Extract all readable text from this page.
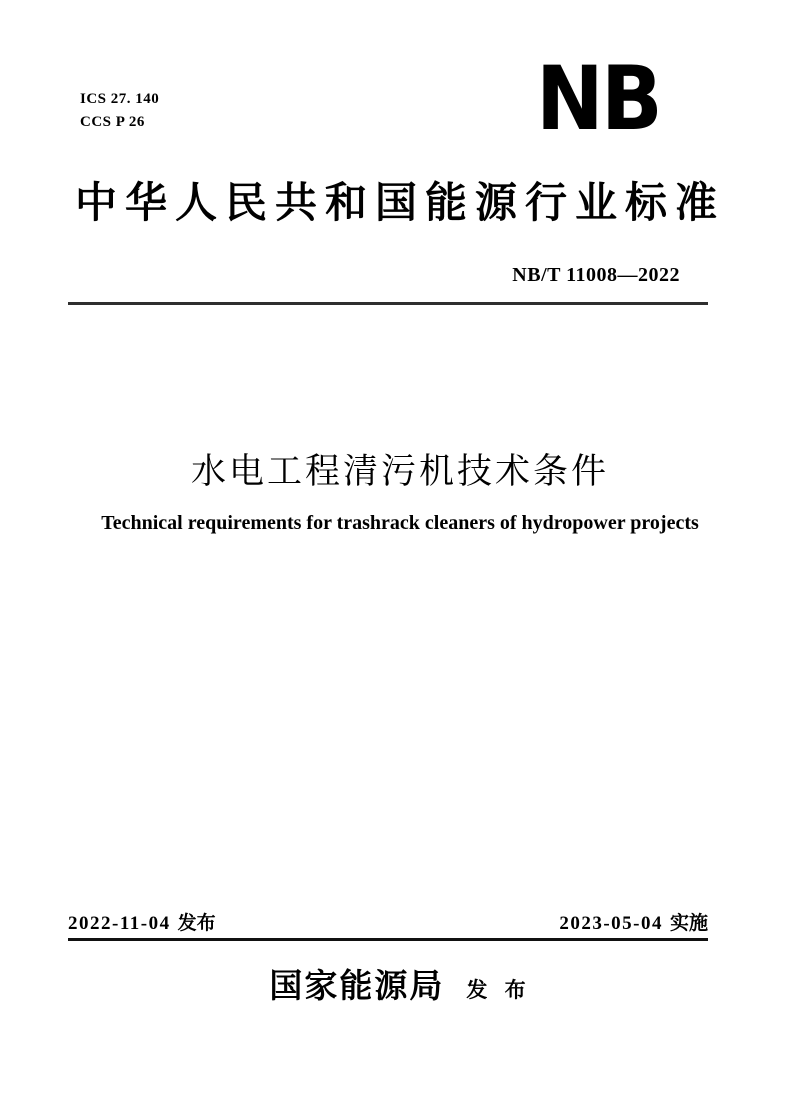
ICS 27. 140
CCS P 26	NB
中华人民共和国能源行业标准
NB/T 11008—2022
水电工程清污机技术条件
Technical requirements for trashrack cleaners of hydropower projects
2022-11-04 发布	2023-05-04 实施
国家能源局 发 布
